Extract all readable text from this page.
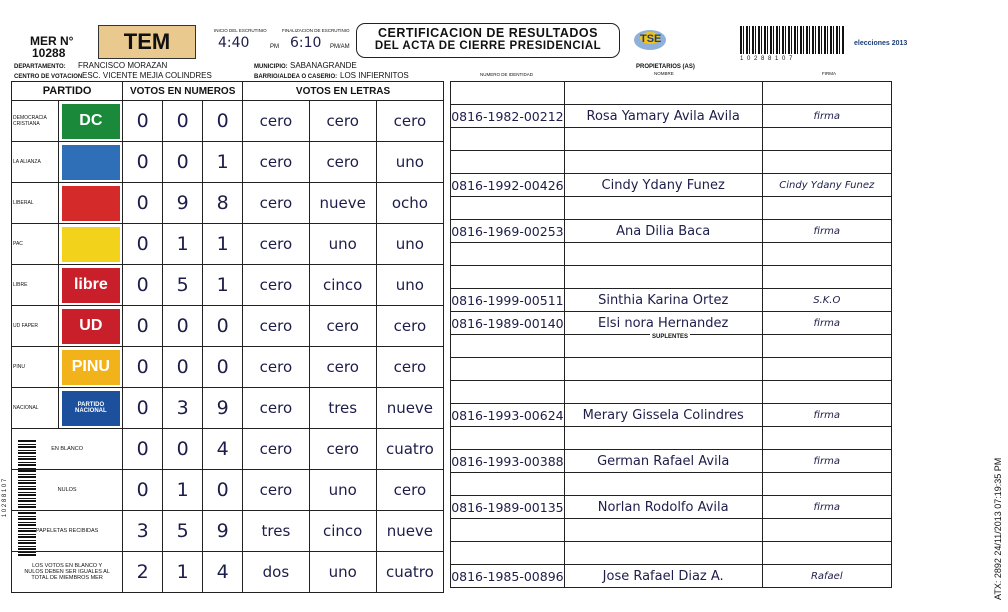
MER N°
10288	TEM	INICIO DEL ESCRUTINIO	FINALIZACION DE ESCRUTINIO
4:40	PM 6:10 PM/AM
CERTIFICACION DE RESULTADOS
DEL ACTA DE CIERRE PRESIDENCIAL
TSE
1 0 2 8 8 1 0 7
elecciones 2013
DEPARTAMENTO: FRANCISCO MORAZAN
CENTRO DE VOTACION:
ESC. VICENTE MEJIA COLINDRES
MUNICIPIO: SABANAGRANDE
BARRIO/ALDEA O CASERIO: LOS INFIERNITOS
PROPIETARIOS (AS)
NUMERO DE IDENTIDAD	NOMBRE	FIRMA
1 0 2 8 8 1 0 7
PARTIDO		VOTOS EN NUMEROS			VOTOS EN LETRAS		
DEMOCRACIA CRISTIANA	DC	0	0	0	cero	cero	cero
LA ALIANZA		0	0	1	cero	cero	uno
LIBERAL		0	9	8	cero	nueve	ocho
PAC		0	1	1	cero	uno	uno
LIBRE	libre	0	5	1	cero	cinco	uno
UD FAPER	UD	0	0	0	cero	cero	cero
PINU	PINU	0	0	0	cero	cero	cero
NACIONAL	PARTIDO NACIONAL	0	3	9	cero	tres	nueve
EN BLANCO		0	0	4	cero	cero	cuatro
NULOS		0	1	0	cero	uno	cero
PAPELETAS RECIBIDAS		3	5	9	tres	cinco	nueve
LOS VOTOS EN BLANCO Y NULOS DEBEN SER IGUALES AL TOTAL DE MIEMBROS MER		2	1	4	dos	uno	cuatro

0816-1982-00212	Rosa Yamary Avila Avila	firma

0816-1992-00426	Cindy Ydany Funez	Cindy Ydany Funez

0816-1969-00253	Ana Dilia Baca	firma

0816-1999-00511	Sinthia Karina Ortez	S.K.O
0816-1989-00140	Elsi nora Hernandez	firma

0816-1993-00624	Merary Gissela Colindres	firma

0816-1993-00388	German Rafael Avila	firma

0816-1989-00135	Norlan Rodolfo Avila	firma

0816-1985-00896	Jose Rafael Diaz A.	Rafael
SUPLENTES
ATX: 2892 24/11/2013 07:19:35 PM
